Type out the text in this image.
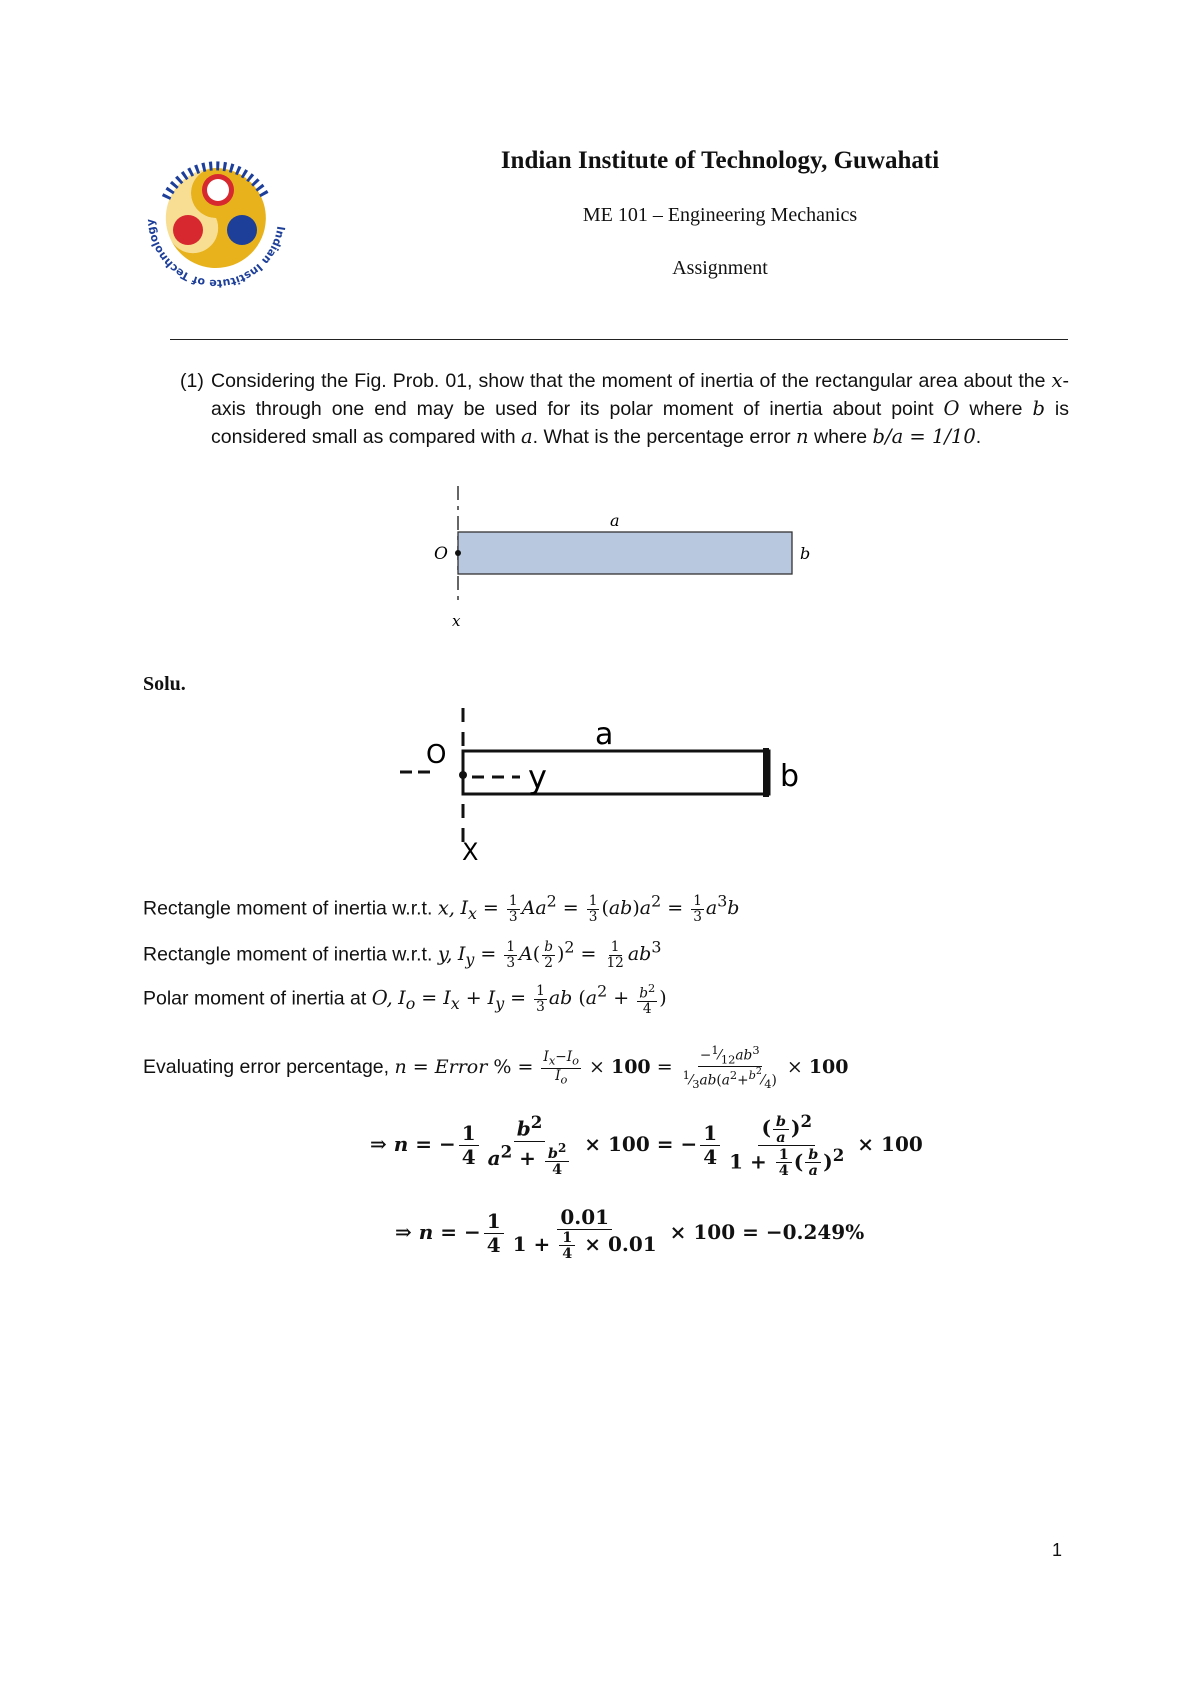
Indian Institute of Technology
Indian Institute of Technology, Guwahati
ME 101 – Engineering Mechanics
Assignment
(1) Considering the Fig. Prob. 01, show that the moment of inertia of the rectangular area about the x-axis through one end may be used for its polar moment of inertia about point O where b is considered small as compared with a. What is the percentage error n where b/a = 1/10.
a
b
O
x
Solu.
a
b
O
y
X
Rectangle moment of inertia w.r.t. x, $I_x = \frac{1}{3} Aa^2 = \frac{1}{3} (ab)a^2 = \frac{1}{3} a^3b$
Rectangle moment of inertia w.r.t. y, $I_y = \frac{1}{3} A( \frac{b}{2} )^2 = \frac{1}{12} ab^3$
Polar moment of inertia at O, $I_o = I_x + I_y = \frac{1}{3}$ ab ($a^2 + \frac{b^2}{4}$ )
Evaluating error percentage, n = Error % = $\frac{I_x-I_o}{I_o} \times 100 = \frac{-^1⁄_{12}ab^3}{^1⁄_3ab(a^2+^{b^2}⁄_4)} \times 100$
⇒ n = − $\frac{1}{4} \frac{b^2}{a^2 + \frac{b^2}{4}} \times 100$ = − $\frac{1}{4} \frac{( \frac{b}{a} )^2}{1 + \frac{1}{4} ( \frac{b}{a} )^2} \times 100$
⇒ n = − $\frac{1}{4} \frac{0.01}{1 + \frac{1}{4} \times 0.01} \times 100 = -0.249\%$
1
